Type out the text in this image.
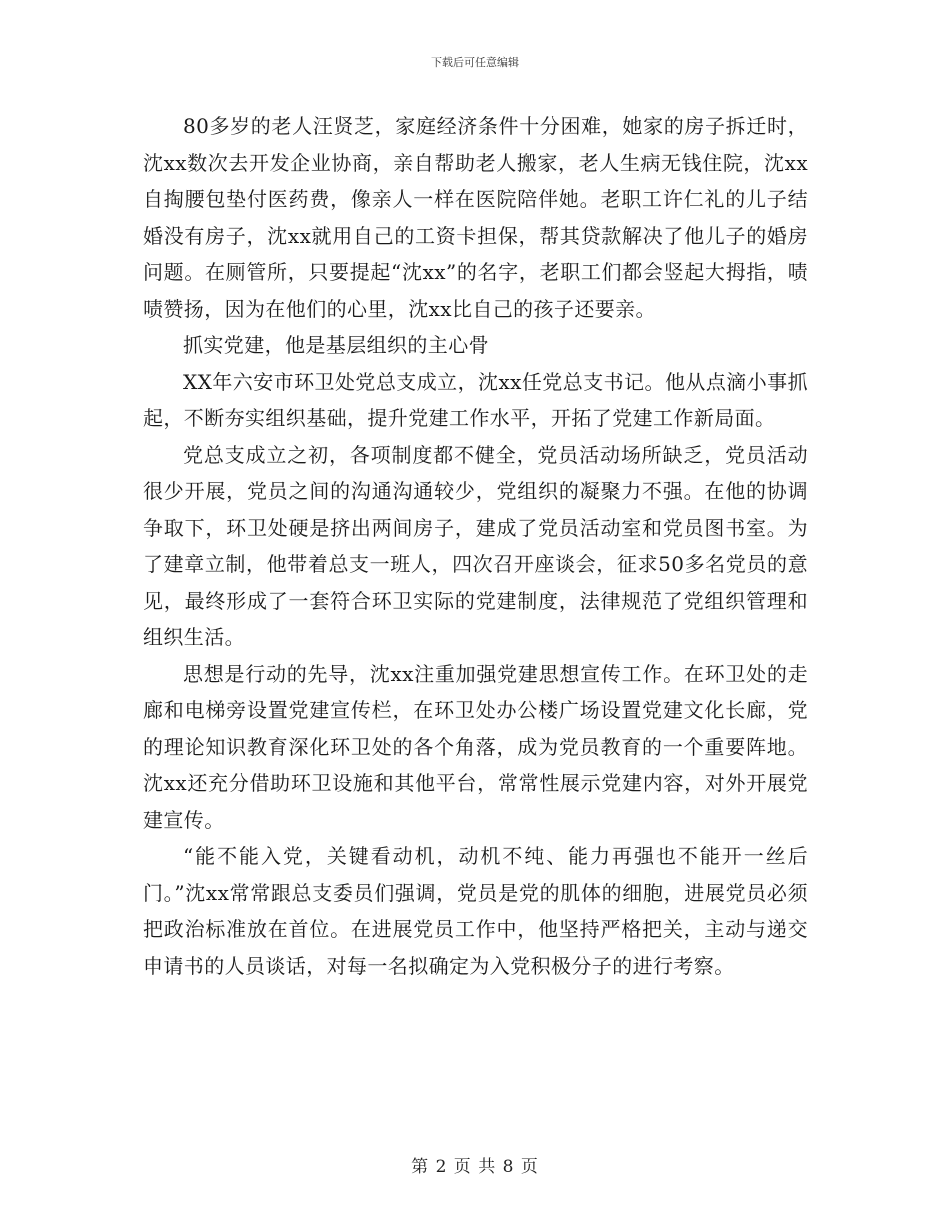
下载后可任意编辑

80多岁的老人汪贤芝，家庭经济条件十分困难，她家的房子拆迁时，沈xx数次去开发企业协商，亲自帮助老人搬家，老人生病无钱住院，沈xx自掏腰包垫付医药费，像亲人一样在医院陪伴她。老职工许仁礼的儿子结婚没有房子，沈xx就用自己的工资卡担保，帮其贷款解决了他儿子的婚房问题。在厕管所，只要提起“沈xx”的名字，老职工们都会竖起大拇指，啧啧赞扬，因为在他们的心里，沈xx比自己的孩子还要亲。

抓实党建，他是基层组织的主心骨

XX年六安市环卫处党总支成立，沈xx任党总支书记。他从点滴小事抓起，不断夯实组织基础，提升党建工作水平，开拓了党建工作新局面。

党总支成立之初，各项制度都不健全，党员活动场所缺乏，党员活动很少开展，党员之间的沟通沟通较少，党组织的凝聚力不强。在他的协调争取下，环卫处硬是挤出两间房子，建成了党员活动室和党员图书室。为了建章立制，他带着总支一班人，四次召开座谈会，征求50多名党员的意见，最终形成了一套符合环卫实际的党建制度，法律规范了党组织管理和组织生活。

思想是行动的先导，沈xx注重加强党建思想宣传工作。在环卫处的走廊和电梯旁设置党建宣传栏，在环卫处办公楼广场设置党建文化长廊，党的理论知识教育深化环卫处的各个角落，成为党员教育的一个重要阵地。沈xx还充分借助环卫设施和其他平台，常常性展示党建内容，对外开展党建宣传。

“能不能入党，关键看动机，动机不纯、能力再强也不能开一丝后门。”沈xx常常跟总支委员们强调，党员是党的肌体的细胞，进展党员必须把政治标准放在首位。在进展党员工作中，他坚持严格把关，主动与递交申请书的人员谈话，对每一名拟确定为入党积极分子的进行考察。

第 2 页 共 8 页
